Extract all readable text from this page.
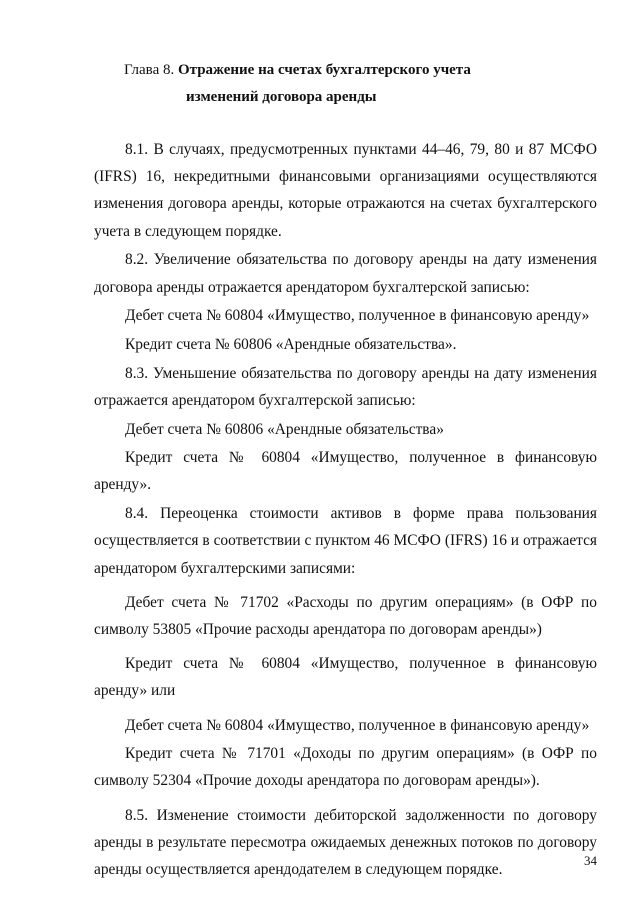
Глава 8. Отражение на счетах бухгалтерского учета
изменений договора аренды

8.1. В случаях, предусмотренных пунктами 44–46, 79, 80 и 87 МСФО (IFRS) 16, некредитными финансовыми организациями осуществляются изменения договора аренды, которые отражаются на счетах бухгалтерского учета в следующем порядке.

8.2. Увеличение обязательства по договору аренды на дату изменения договора аренды отражается арендатором бухгалтерской записью:

Дебет счета № 60804 «Имущество, полученное в финансовую аренду»

Кредит счета № 60806 «Арендные обязательства».

8.3. Уменьшение обязательства по договору аренды на дату изменения отражается арендатором бухгалтерской записью:

Дебет счета № 60806 «Арендные обязательства»

Кредит счета № 60804 «Имущество, полученное в финансовую аренду».

8.4. Переоценка стоимости активов в форме права пользования осуществляется в соответствии с пунктом 46 МСФО (IFRS) 16 и отражается арендатором бухгалтерскими записями:

Дебет счета № 71702 «Расходы по другим операциям» (в ОФР по символу 53805 «Прочие расходы арендатора по договорам аренды»)

Кредит счета № 60804 «Имущество, полученное в финансовую аренду» или

Дебет счета № 60804 «Имущество, полученное в финансовую аренду»

Кредит счета № 71701 «Доходы по другим операциям» (в ОФР по символу 52304 «Прочие доходы арендатора по договорам аренды»).

8.5. Изменение стоимости дебиторской задолженности по договору аренды в результате пересмотра ожидаемых денежных потоков по договору аренды осуществляется арендодателем в следующем порядке.

34
